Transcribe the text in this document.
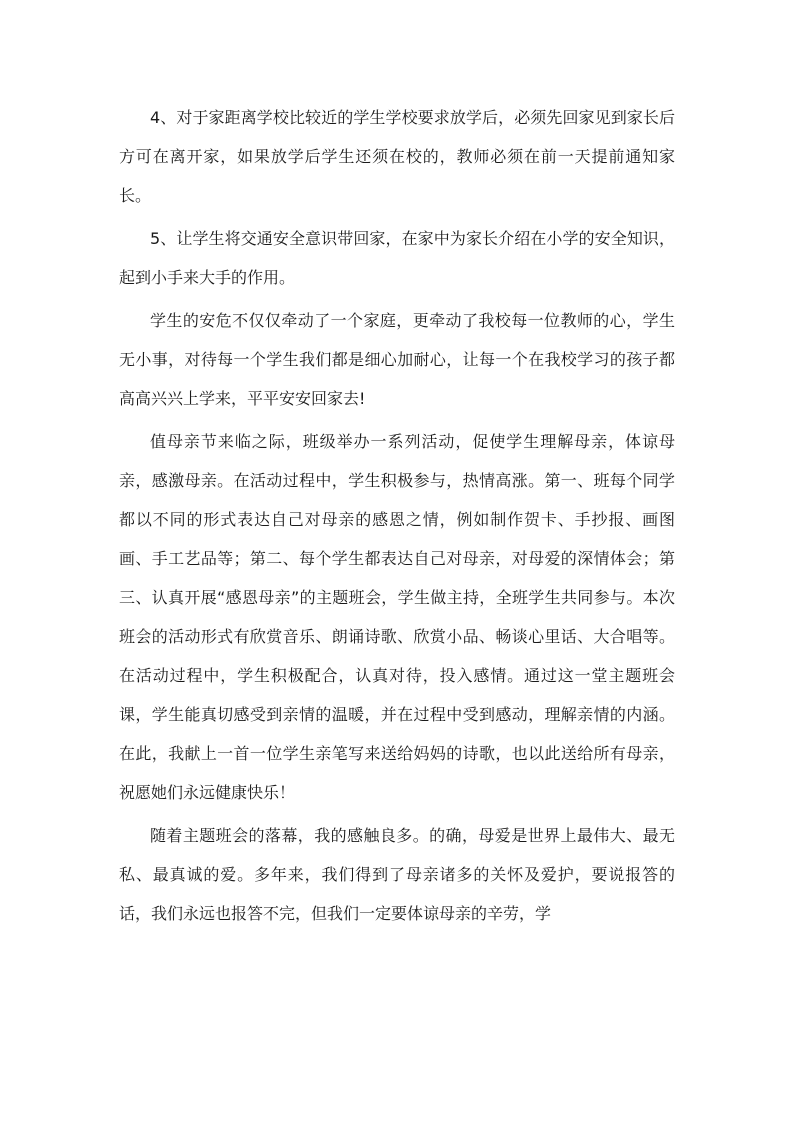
4、对于家距离学校比较近的学生学校要求放学后，必须先回家见到家长后方可在离开家，如果放学后学生还须在校的，教师必须在前一天提前通知家长。

5、让学生将交通安全意识带回家，在家中为家长介绍在小学的安全知识，起到小手来大手的作用。

学生的安危不仅仅牵动了一个家庭，更牵动了我校每一位教师的心，学生无小事，对待每一个学生我们都是细心加耐心，让每一个在我校学习的孩子都高高兴兴上学来，平平安安回家去!

值母亲节来临之际，班级举办一系列活动，促使学生理解母亲，体谅母亲，感激母亲。在活动过程中，学生积极参与，热情高涨。第一、班每个同学都以不同的形式表达自己对母亲的感恩之情，例如制作贺卡、手抄报、画图画、手工艺品等；第二、每个学生都表达自己对母亲，对母爱的深情体会；第三、认真开展“感恩母亲”的主题班会，学生做主持，全班学生共同参与。本次班会的活动形式有欣赏音乐、朗诵诗歌、欣赏小品、畅谈心里话、大合唱等。在活动过程中，学生积极配合，认真对待，投入感情。通过这一堂主题班会课，学生能真切感受到亲情的温暖，并在过程中受到感动，理解亲情的内涵。在此，我献上一首一位学生亲笔写来送给妈妈的诗歌，也以此送给所有母亲，祝愿她们永远健康快乐！

随着主题班会的落幕，我的感触良多。的确，母爱是世界上最伟大、最无私、最真诚的爱。多年来，我们得到了母亲诸多的关怀及爱护，要说报答的话，我们永远也报答不完，但我们一定要体谅母亲的辛劳，学
